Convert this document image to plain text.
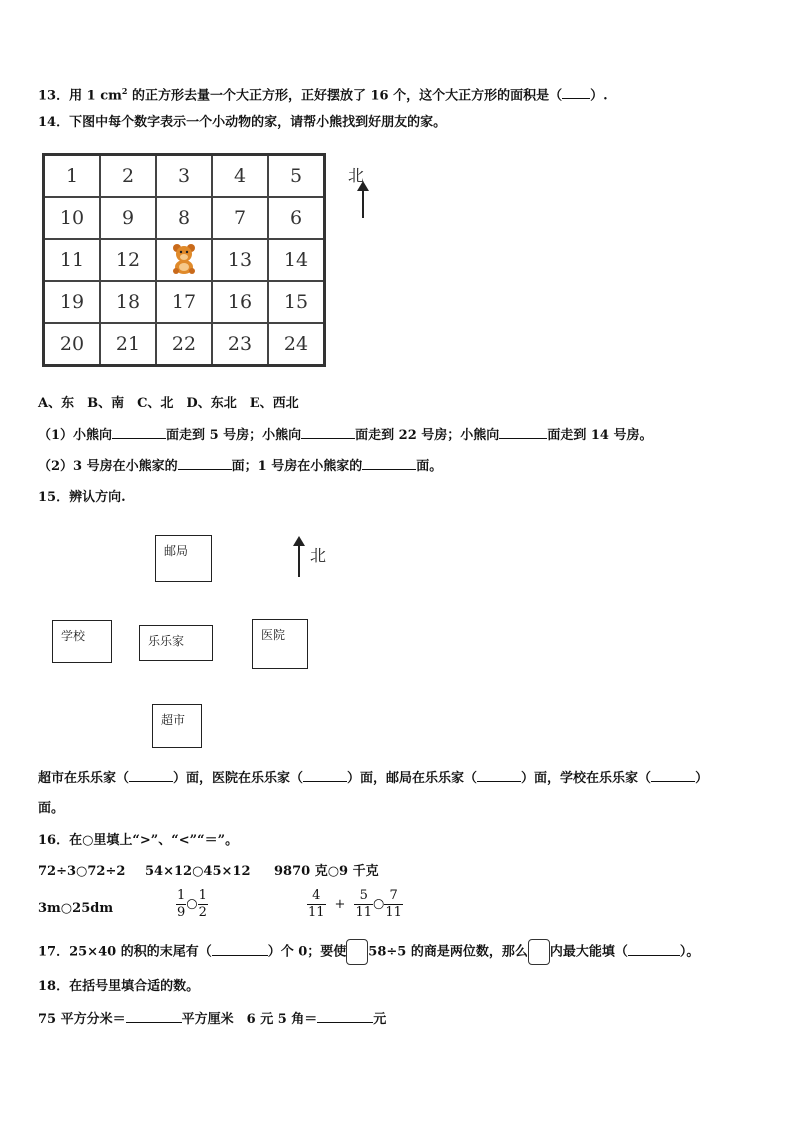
13．用 1 $cm^2$ 的正方形去量一个大正方形，正好摆放了 16 个，这个大正方形的面积是（ ）.
14．下图中每个数字表示一个小动物的家，请帮小熊找到好朋友的家。
1	2	3	4	5
10	9	8	7	6
11	12		13	14
19	18	17	16	15
20	21	22	23	24
北
A、东　B、南　C、北　D、东北　E、西北
（1）小熊向	面走到 5 号房；小熊向	面走到 22 号房；小熊向	面走到 14 号房。
（2）3 号房在小熊家的	面；1 号房在小熊家的	面。
15．辨认方向.
邮局	北
学校	乐乐家	医院
超市
超市在乐乐家（	）面，医院在乐乐家（	）面，邮局在乐乐家（	）面，学校在乐乐家（	）
面。
16．在○里填上“>”、“<”“＝”。
72÷3○72÷2 54×12○45×12 9870 克○9 千克
3m○25dm	$\frac{1}{9}$ ○ $\frac{1}{2}$	$\frac{4}{11} + \frac{5}{11}$ ○ $\frac{7}{11}$
17．25×40 的积的末尾有（	）个 0；要使 58÷5 的商是两位数，那么 内最大能填（	）。
18．在括号里填合适的数。
75 平方分米＝	平方厘米　6 元 5 角＝	元
